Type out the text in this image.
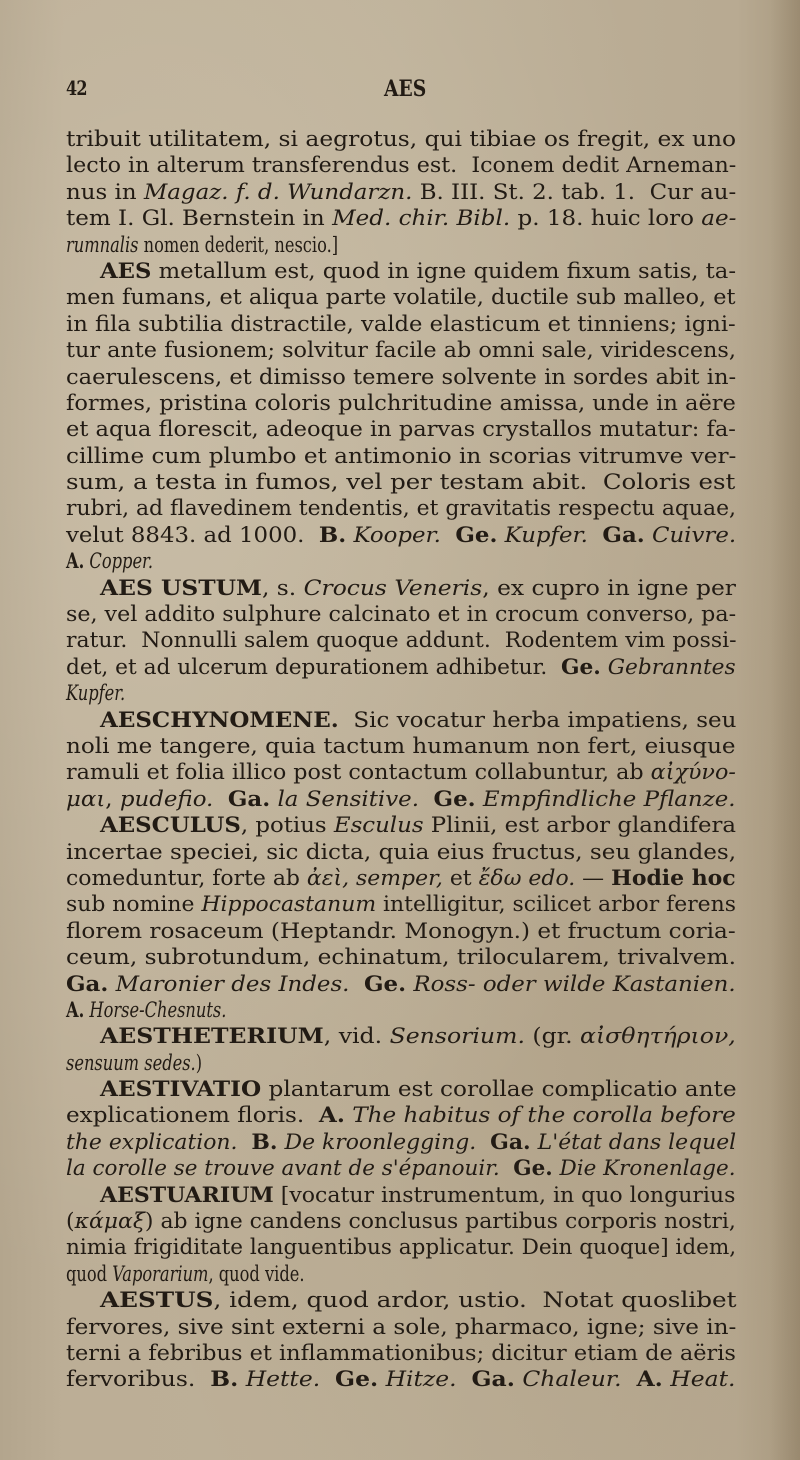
42	AES
tribuit utilitatem, si aegrotus, qui tibiae os fregit, ex uno
lecto in alterum transferendus est.  Iconem dedit Arneman-
nus in Magaz. f. d. Wundarzn. B. III. St. 2. tab. 1.  Cur au-
tem I. Gl. Bernstein in Med. chir. Bibl. p. 18. huic loro ae-
rumnalis nomen dederit, nescio.]
AES metallum est, quod in igne quidem fixum satis, ta-
men fumans, et aliqua parte volatile, ductile sub malleo, et
in fila subtilia distractile, valde elasticum et tinniens; igni-
tur ante fusionem; solvitur facile ab omni sale, viridescens,
caerulescens, et dimisso temere solvente in sordes abit in-
formes, pristina coloris pulchritudine amissa, unde in aëre
et aqua florescit, adeoque in parvas crystallos mutatur: fa-
cillime cum plumbo et antimonio in scorias vitrumve ver-
sum, a testa in fumos, vel per testam abit.  Coloris est
rubri, ad flavedinem tendentis, et gravitatis respectu aquae,
velut 8843. ad 1000.  B. Kooper. Ge. Kupfer. Ga. Cuivre.
A. Copper.
AES USTUM, s. Crocus Veneris, ex cupro in igne per
se, vel addito sulphure calcinato et in crocum converso, pa-
ratur.  Nonnulli salem quoque addunt.  Rodentem vim possi-
det, et ad ulcerum depurationem adhibetur.  Ge. Gebranntes
Kupfer.
AESCHYNOMENE.  Sic vocatur herba impatiens, seu
noli me tangere, quia tactum humanum non fert, eiusque
ramuli et folia illico post contactum collabuntur, ab αἰχύνο-
μαι, pudefio. Ga. la Sensitive. Ge. Empfindliche Pflanze.
AESCULUS, potius Esculus Plinii, est arbor glandifera
incertae speciei, sic dicta, quia eius fructus, seu glandes,
comeduntur, forte ab ἀεὶ, semper, et ἔδω edo. — Hodie hoc
sub nomine Hippocastanum intelligitur, scilicet arbor ferens
florem rosaceum (Heptandr. Monogyn.) et fructum coria-
ceum, subrotundum, echinatum, trilocularem, trivalvem.
Ga. Maronier des Indes. Ge. Ross- oder wilde Kastanien.
A. Horse-Chesnuts.
AESTHETERIUM, vid. Sensorium. (gr. αἰσθητήριον,
sensuum sedes.)
AESTIVATIO plantarum est corollae complicatio ante
explicationem floris.  A. The habitus of the corolla before
the explication. B. De kroonlegging. Ga. L'état dans lequel
la corolle se trouve avant de s'épanouir. Ge. Die Kronenlage.
AESTUARIUM [vocatur instrumentum, in quo longurius
(κάμαξ) ab igne candens conclusus partibus corporis nostri,
nimia frigiditate languentibus applicatur. Dein quoque] idem,
quod Vaporarium, quod vide.
AESTUS, idem, quod ardor, ustio.  Notat quoslibet
fervores, sive sint externi a sole, pharmaco, igne; sive in-
terni a febribus et inflammationibus; dicitur etiam de aëris
fervoribus.  B. Hette. Ge. Hitze. Ga. Chaleur. A. Heat.
